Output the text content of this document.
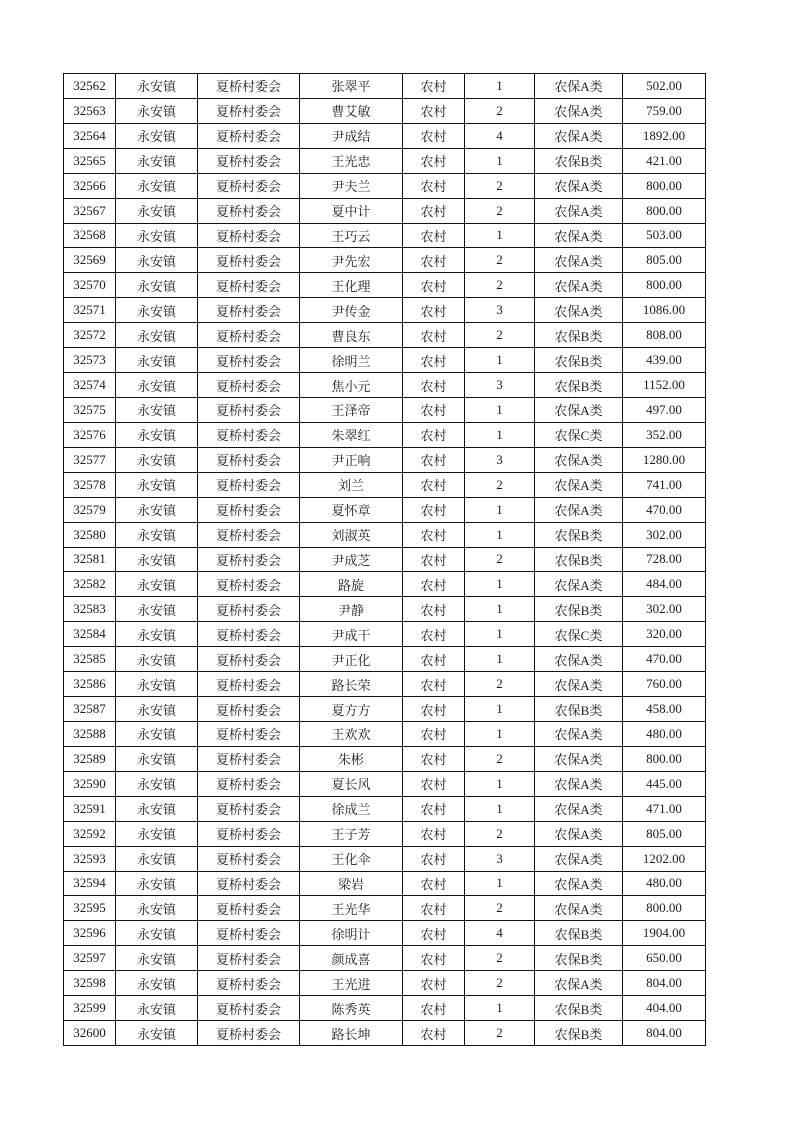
32562	永安镇	夏桥村委会	张翠平	农村	1	农保A类	502.00
32563	永安镇	夏桥村委会	曹艾敏	农村	2	农保A类	759.00
32564	永安镇	夏桥村委会	尹成结	农村	4	农保A类	1892.00
32565	永安镇	夏桥村委会	王光忠	农村	1	农保B类	421.00
32566	永安镇	夏桥村委会	尹夫兰	农村	2	农保A类	800.00
32567	永安镇	夏桥村委会	夏中计	农村	2	农保A类	800.00
32568	永安镇	夏桥村委会	王巧云	农村	1	农保A类	503.00
32569	永安镇	夏桥村委会	尹先宏	农村	2	农保A类	805.00
32570	永安镇	夏桥村委会	王化理	农村	2	农保A类	800.00
32571	永安镇	夏桥村委会	尹传金	农村	3	农保A类	1086.00
32572	永安镇	夏桥村委会	曹良东	农村	2	农保B类	808.00
32573	永安镇	夏桥村委会	徐明兰	农村	1	农保B类	439.00
32574	永安镇	夏桥村委会	焦小元	农村	3	农保B类	1152.00
32575	永安镇	夏桥村委会	王泽帝	农村	1	农保A类	497.00
32576	永安镇	夏桥村委会	朱翠红	农村	1	农保C类	352.00
32577	永安镇	夏桥村委会	尹正响	农村	3	农保A类	1280.00
32578	永安镇	夏桥村委会	刘兰	农村	2	农保A类	741.00
32579	永安镇	夏桥村委会	夏怀章	农村	1	农保A类	470.00
32580	永安镇	夏桥村委会	刘淑英	农村	1	农保B类	302.00
32581	永安镇	夏桥村委会	尹成芝	农村	2	农保B类	728.00
32582	永安镇	夏桥村委会	路旋	农村	1	农保A类	484.00
32583	永安镇	夏桥村委会	尹静	农村	1	农保B类	302.00
32584	永安镇	夏桥村委会	尹成干	农村	1	农保C类	320.00
32585	永安镇	夏桥村委会	尹正化	农村	1	农保A类	470.00
32586	永安镇	夏桥村委会	路长荣	农村	2	农保A类	760.00
32587	永安镇	夏桥村委会	夏方方	农村	1	农保B类	458.00
32588	永安镇	夏桥村委会	王欢欢	农村	1	农保A类	480.00
32589	永安镇	夏桥村委会	朱彬	农村	2	农保A类	800.00
32590	永安镇	夏桥村委会	夏长风	农村	1	农保A类	445.00
32591	永安镇	夏桥村委会	徐成兰	农村	1	农保A类	471.00
32592	永安镇	夏桥村委会	王子芳	农村	2	农保A类	805.00
32593	永安镇	夏桥村委会	王化伞	农村	3	农保A类	1202.00
32594	永安镇	夏桥村委会	梁岩	农村	1	农保A类	480.00
32595	永安镇	夏桥村委会	王光华	农村	2	农保A类	800.00
32596	永安镇	夏桥村委会	徐明计	农村	4	农保B类	1904.00
32597	永安镇	夏桥村委会	颜成喜	农村	2	农保B类	650.00
32598	永安镇	夏桥村委会	王光进	农村	2	农保A类	804.00
32599	永安镇	夏桥村委会	陈秀英	农村	1	农保B类	404.00
32600	永安镇	夏桥村委会	路长坤	农村	2	农保B类	804.00
